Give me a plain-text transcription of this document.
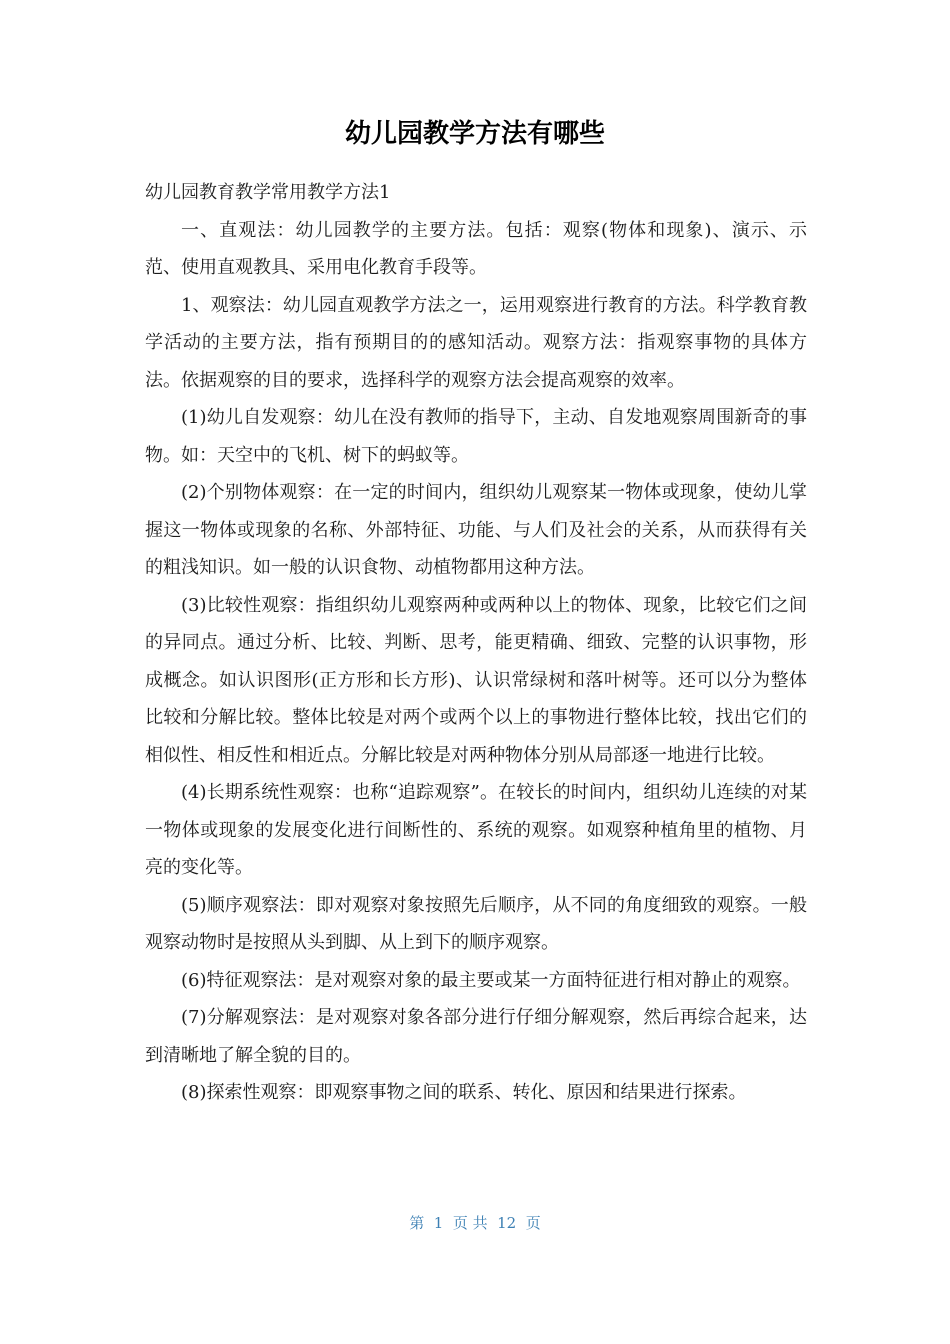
幼儿园教学方法有哪些

幼儿园教育教学常用教学方法1

一、直观法：幼儿园教学的主要方法。包括：观察(物体和现象)、演示、示范、使用直观教具、采用电化教育手段等。

1、观察法：幼儿园直观教学方法之一，运用观察进行教育的方法。科学教育教学活动的主要方法，指有预期目的的感知活动。观察方法：指观察事物的具体方法。依据观察的目的要求，选择科学的观察方法会提高观察的效率。

(1)幼儿自发观察：幼儿在没有教师的指导下，主动、自发地观察周围新奇的事物。如：天空中的飞机、树下的蚂蚁等。

(2)个别物体观察：在一定的时间内，组织幼儿观察某一物体或现象，使幼儿掌握这一物体或现象的名称、外部特征、功能、与人们及社会的关系，从而获得有关的粗浅知识。如一般的认识食物、动植物都用这种方法。

(3)比较性观察：指组织幼儿观察两种或两种以上的物体、现象，比较它们之间的异同点。通过分析、比较、判断、思考，能更精确、细致、完整的认识事物，形成概念。如认识图形(正方形和长方形)、认识常绿树和落叶树等。还可以分为整体比较和分解比较。整体比较是对两个或两个以上的事物进行整体比较，找出它们的相似性、相反性和相近点。分解比较是对两种物体分别从局部逐一地进行比较。

(4)长期系统性观察：也称“追踪观察”。在较长的时间内，组织幼儿连续的对某一物体或现象的发展变化进行间断性的、系统的观察。如观察种植角里的植物、月亮的变化等。

(5)顺序观察法：即对观察对象按照先后顺序，从不同的角度细致的观察。一般观察动物时是按照从头到脚、从上到下的顺序观察。

(6)特征观察法：是对观察对象的最主要或某一方面特征进行相对静止的观察。

(7)分解观察法：是对观察对象各部分进行仔细分解观察，然后再综合起来，达到清晰地了解全貌的目的。

(8)探索性观察：即观察事物之间的联系、转化、原因和结果进行探索。

第  1  页 共  12  页
